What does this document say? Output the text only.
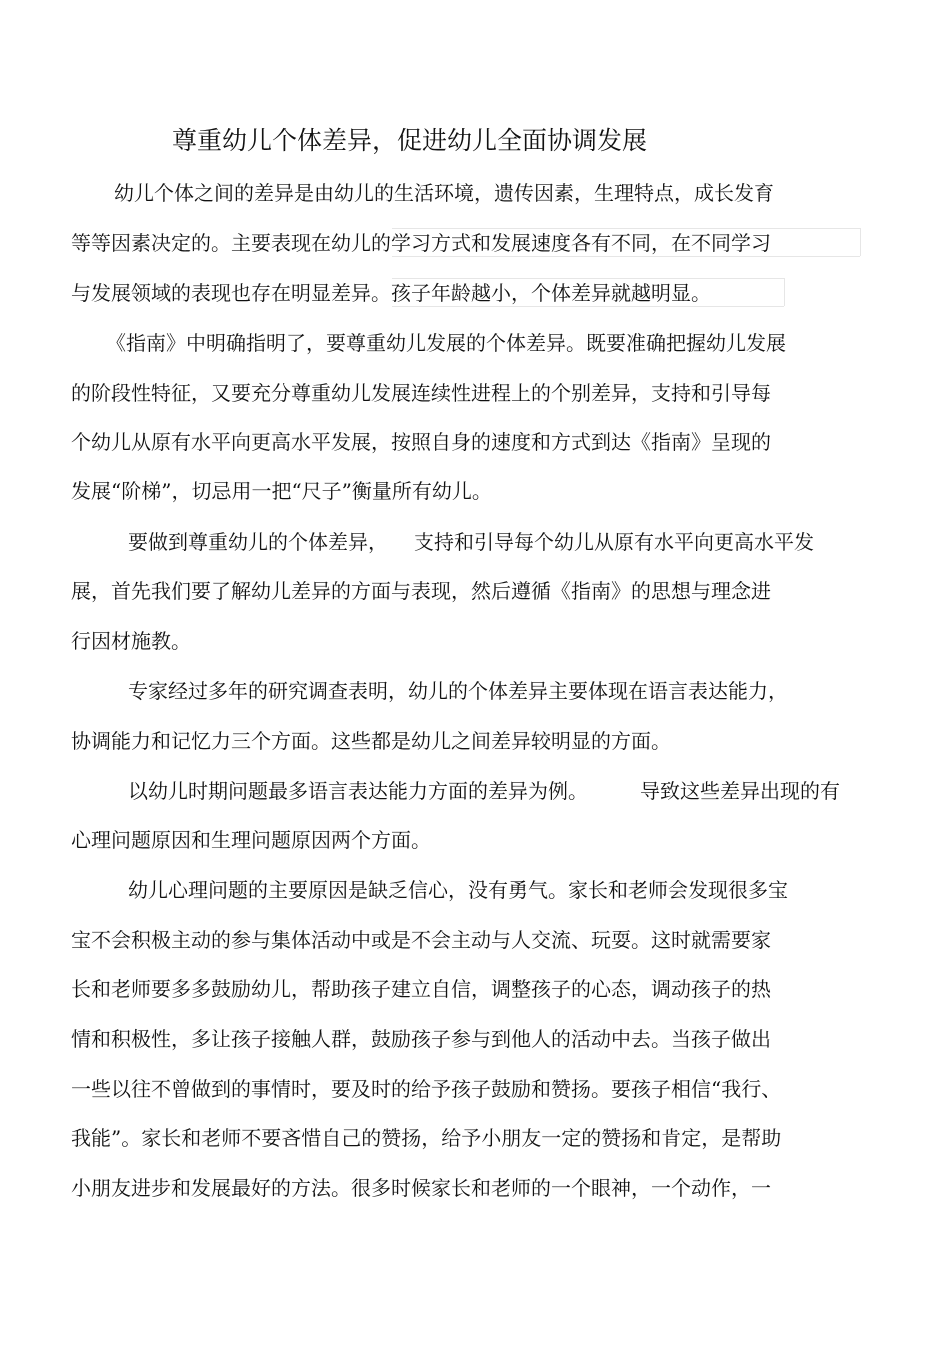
尊重幼儿个体差异，促进幼儿全面协调发展
幼儿个体之间的差异是由幼儿的生活环境，遗传因素，生理特点，成长发育
等等因素决定的。主要表现在幼儿的学习方式和发展速度各有不同，在不同学习
与发展领域的表现也存在明显差异。孩子年龄越小，个体差异就越明显。
《指南》中明确指明了，要尊重幼儿发展的个体差异。既要准确把握幼儿发展
的阶段性特征，又要充分尊重幼儿发展连续性进程上的个别差异，支持和引导每
个幼儿从原有水平向更高水平发展，按照自身的速度和方式到达《指南》呈现的
发展“阶梯”，切忌用一把“尺子”衡量所有幼儿。
要做到尊重幼儿的个体差异， 支持和引导每个幼儿从原有水平向更高水平发
展，首先我们要了解幼儿差异的方面与表现，然后遵循《指南》的思想与理念进
行因材施教。
专家经过多年的研究调查表明，幼儿的个体差异主要体现在语言表达能力，
协调能力和记忆力三个方面。这些都是幼儿之间差异较明显的方面。
以幼儿时期问题最多语言表达能力方面的差异为例。	导致这些差异出现的有
心理问题原因和生理问题原因两个方面。
幼儿心理问题的主要原因是缺乏信心，没有勇气。家长和老师会发现很多宝
宝不会积极主动的参与集体活动中或是不会主动与人交流、玩耍。这时就需要家
长和老师要多多鼓励幼儿，帮助孩子建立自信，调整孩子的心态，调动孩子的热
情和积极性，多让孩子接触人群，鼓励孩子参与到他人的活动中去。当孩子做出
一些以往不曾做到的事情时，要及时的给予孩子鼓励和赞扬。要孩子相信“我行、
我能”。家长和老师不要吝惜自己的赞扬，给予小朋友一定的赞扬和肯定，是帮助
小朋友进步和发展最好的方法。很多时候家长和老师的一个眼神，一个动作，一
